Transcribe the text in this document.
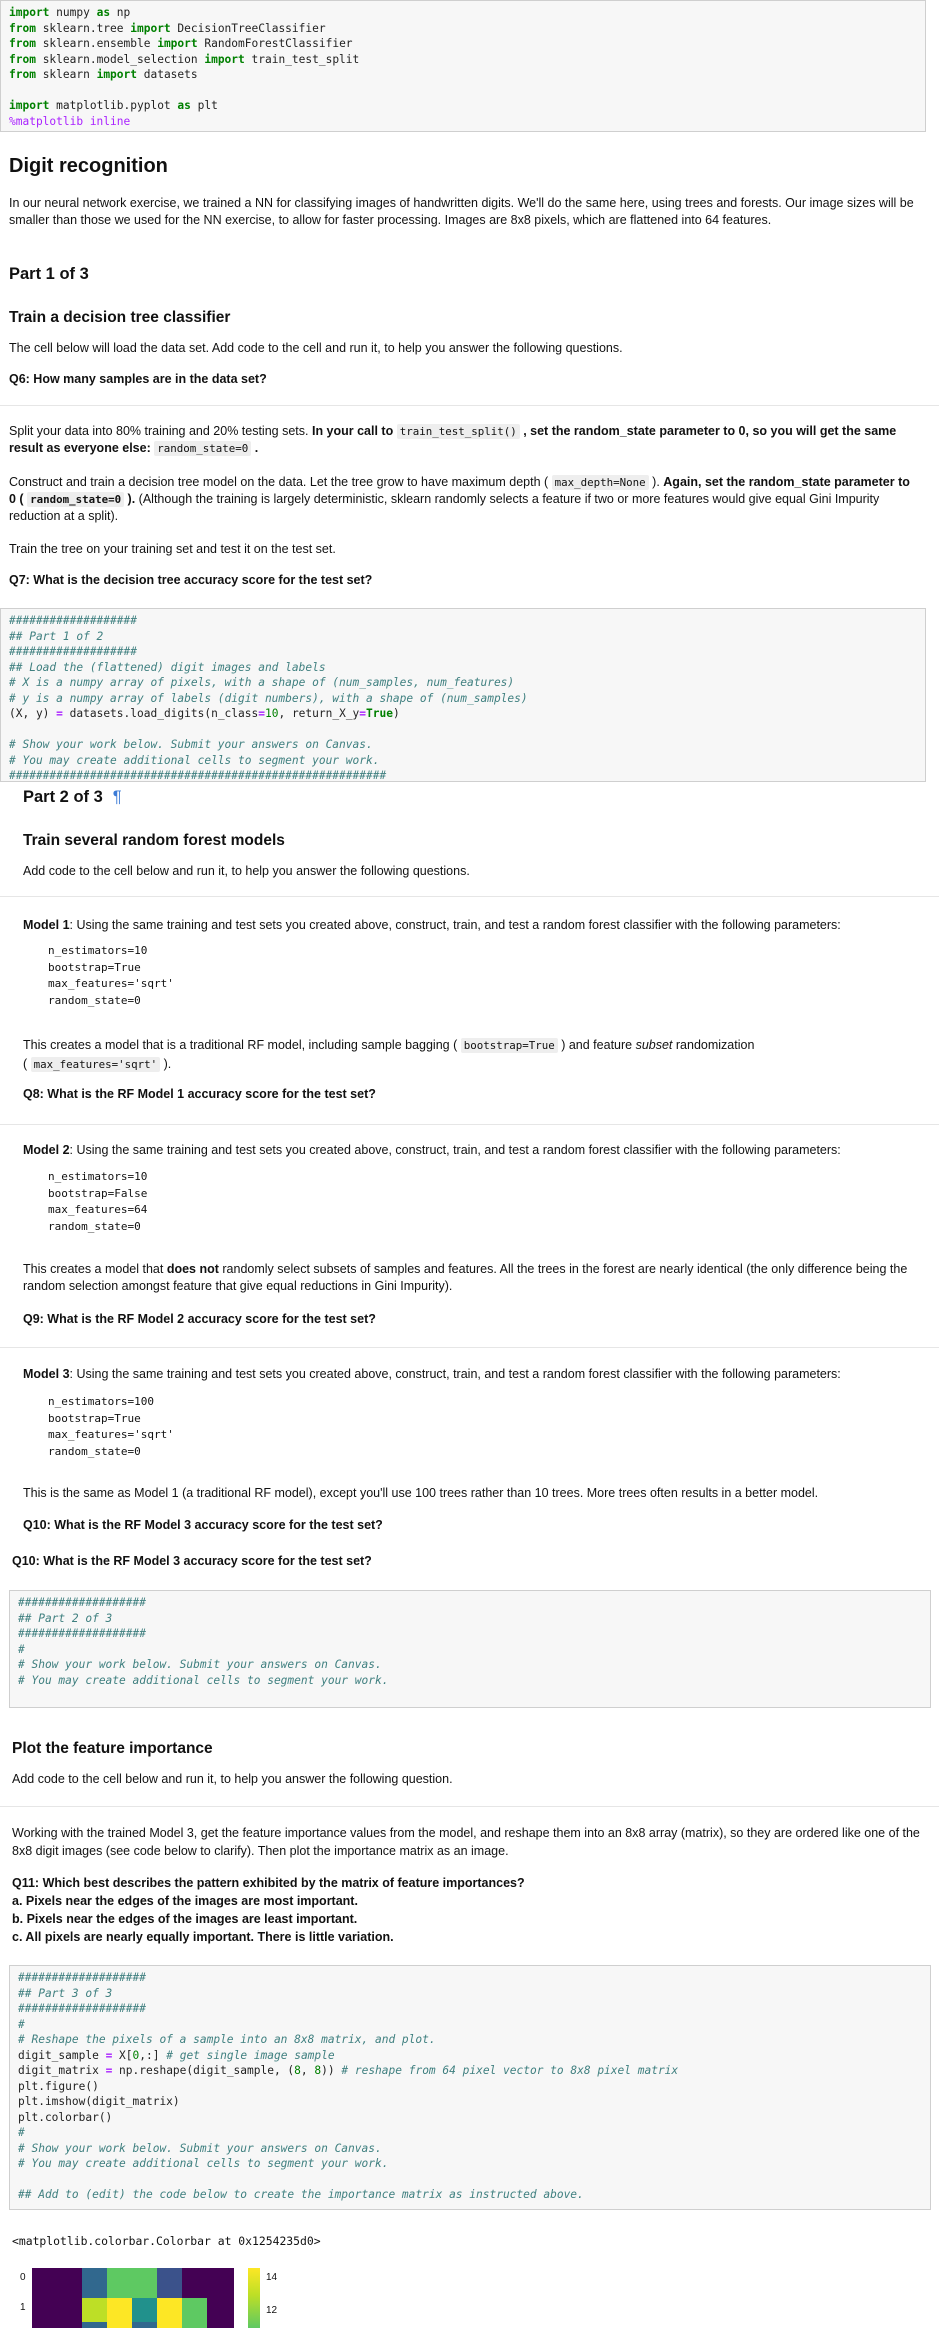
import numpy as np
from sklearn.tree import DecisionTreeClassifier
from sklearn.ensemble import RandomForestClassifier
from sklearn.model_selection import train_test_split
from sklearn import datasets

import matplotlib.pyplot as plt
%matplotlib inline
Digit recognition
In our neural network exercise, we trained a NN for classifying images of handwritten digits. We'll do the same here, using trees and forests. Our image sizes will be smaller than those we used for the NN exercise, to allow for faster processing. Images are 8x8 pixels, which are flattened into 64 features.
Part 1 of 3
Train a decision tree classifier
The cell below will load the data set. Add code to the cell and run it, to help you answer the following questions.
Q6: How many samples are in the data set?
Split your data into 80% training and 20% testing sets. In your call to train_test_split() , set the random_state parameter to 0, so you will get the same result as everyone else: random_state=0 .
Construct and train a decision tree model on the data. Let the tree grow to have maximum depth ( max_depth=None ). Again, set the random_state parameter to 0 ( random_state=0 ). (Although the training is largely deterministic, sklearn randomly selects a feature if two or more features would give equal Gini Impurity reduction at a split).
Train the tree on your training set and test it on the test set.
Q7: What is the decision tree accuracy score for the test set?
###################
## Part 1 of 2
###################
## Load the (flattened) digit images and labels
# X is a numpy array of pixels, with a shape of (num_samples, num_features)
# y is a numpy array of labels (digit numbers), with a shape of (num_samples)
(X, y) = datasets.load_digits(n_class=10, return_X_y=True)

# Show your work below. Submit your answers on Canvas.
# You may create additional cells to segment your work.
########################################################
Part 2 of 3 ¶
Train several random forest models
Add code to the cell below and run it, to help you answer the following questions.
Model 1: Using the same training and test sets you created above, construct, train, and test a random forest classifier with the following parameters:
n_estimators=10
bootstrap=True
max_features='sqrt'
random_state=0
This creates a model that is a traditional RF model, including sample bagging ( bootstrap=True ) and feature subset randomization
( max_features='sqrt' ).
Q8: What is the RF Model 1 accuracy score for the test set?
Model 2: Using the same training and test sets you created above, construct, train, and test a random forest classifier with the following parameters:
n_estimators=10
bootstrap=False
max_features=64
random_state=0
This creates a model that does not randomly select subsets of samples and features. All the trees in the forest are nearly identical (the only difference being the random selection amongst feature that give equal reductions in Gini Impurity).
Q9: What is the RF Model 2 accuracy score for the test set?
Model 3: Using the same training and test sets you created above, construct, train, and test a random forest classifier with the following parameters:
n_estimators=100
bootstrap=True
max_features='sqrt'
random_state=0
This is the same as Model 1 (a traditional RF model), except you'll use 100 trees rather than 10 trees. More trees often results in a better model.
Q10: What is the RF Model 3 accuracy score for the test set?
Q10: What is the RF Model 3 accuracy score for the test set?
###################
## Part 2 of 3
###################
#
# Show your work below. Submit your answers on Canvas.
# You may create additional cells to segment your work.
Plot the feature importance
Add code to the cell below and run it, to help you answer the following question.
Working with the trained Model 3, get the feature importance values from the model, and reshape them into an 8x8 array (matrix), so they are ordered like one of the 8x8 digit images (see code below to clarify). Then plot the importance matrix as an image.
Q11: Which best describes the pattern exhibited by the matrix of feature importances?
a. Pixels near the edges of the images are most important.
b. Pixels near the edges of the images are least important.
c. All pixels are nearly equally important. There is little variation.
###################
## Part 3 of 3
###################
#
# Reshape the pixels of a sample into an 8x8 matrix, and plot.
digit_sample = X[0,:] # get single image sample
digit_matrix = np.reshape(digit_sample, (8, 8)) # reshape from 64 pixel vector to 8x8 pixel matrix
plt.figure()
plt.imshow(digit_matrix)
plt.colorbar()
#
# Show your work below. Submit your answers on Canvas.
# You may create additional cells to segment your work.

## Add to (edit) the code below to create the importance matrix as instructed above.
<matplotlib.colorbar.Colorbar at 0x1254235d0>
0
1
14
12
